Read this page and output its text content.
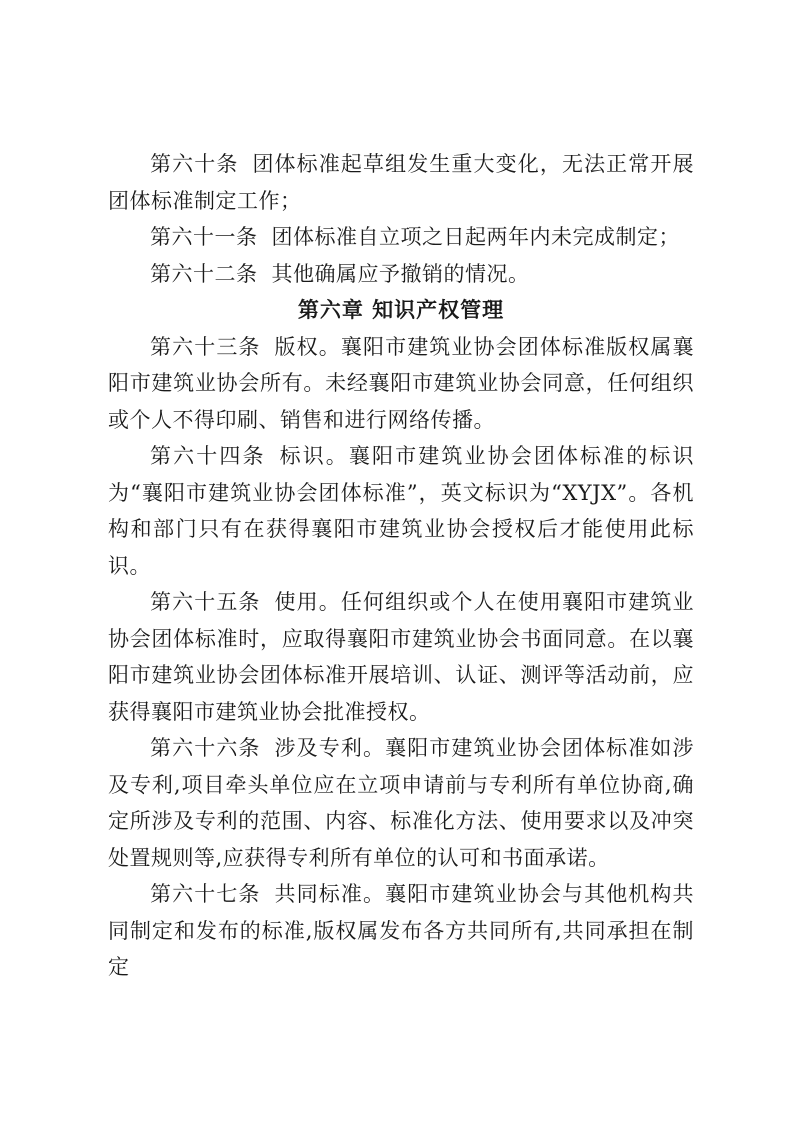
第六十条 团体标准起草组发生重大变化，无法正常开展团体标准制定工作；

第六十一条 团体标准自立项之日起两年内未完成制定；

第六十二条 其他确属应予撤销的情况。

第六章 知识产权管理

第六十三条 版权。襄阳市建筑业协会团体标准版权属襄阳市建筑业协会所有。未经襄阳市建筑业协会同意，任何组织或个人不得印刷、销售和进行网络传播。

第六十四条 标识。襄阳市建筑业协会团体标准的标识为“襄阳市建筑业协会团体标准”，英文标识为“XYJX”。各机构和部门只有在获得襄阳市建筑业协会授权后才能使用此标识。

第六十五条 使用。任何组织或个人在使用襄阳市建筑业协会团体标准时，应取得襄阳市建筑业协会书面同意。在以襄阳市建筑业协会团体标准开展培训、认证、测评等活动前，应获得襄阳市建筑业协会批准授权。

第六十六条 涉及专利。襄阳市建筑业协会团体标准如涉及专利,项目牵头单位应在立项申请前与专利所有单位协商,确定所涉及专利的范围、内容、标准化方法、使用要求以及冲突处置规则等,应获得专利所有单位的认可和书面承诺。

第六十七条 共同标准。襄阳市建筑业协会与其他机构共同制定和发布的标准,版权属发布各方共同所有,共同承担在制定
